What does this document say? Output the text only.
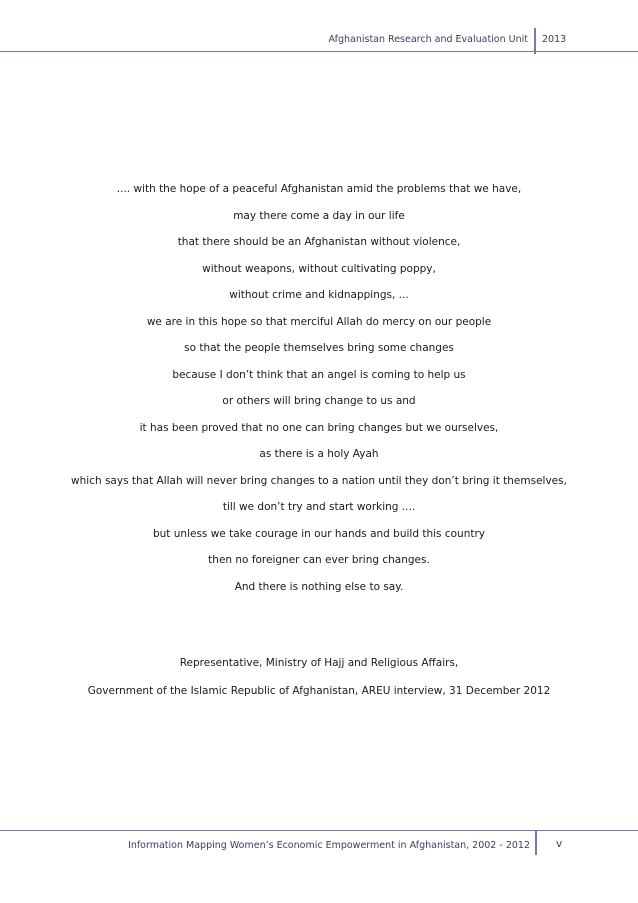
Afghanistan Research and Evaluation Unit 2013
.... with the hope of a peaceful Afghanistan amid the problems that we have,
may there come a day in our life
that there should be an Afghanistan without violence,
without weapons, without cultivating poppy,
without crime and kidnappings, ...
we are in this hope so that merciful Allah do mercy on our people
so that the people themselves bring some changes
because I don’t think that an angel is coming to help us
or others will bring change to us and
it has been proved that no one can bring changes but we ourselves,
as there is a holy Ayah
which says that Allah will never bring changes to a nation until they don’t bring it themselves,
till we don’t try and start working ....
but unless we take courage in our hands and build this country
then no foreigner can ever bring changes.
And there is nothing else to say.
Representative, Ministry of Hajj and Religious Affairs,
Government of the Islamic Republic of Afghanistan, AREU interview, 31 December 2012
Information Mapping Women’s Economic Empowerment in Afghanistan, 2002 - 2012 v
